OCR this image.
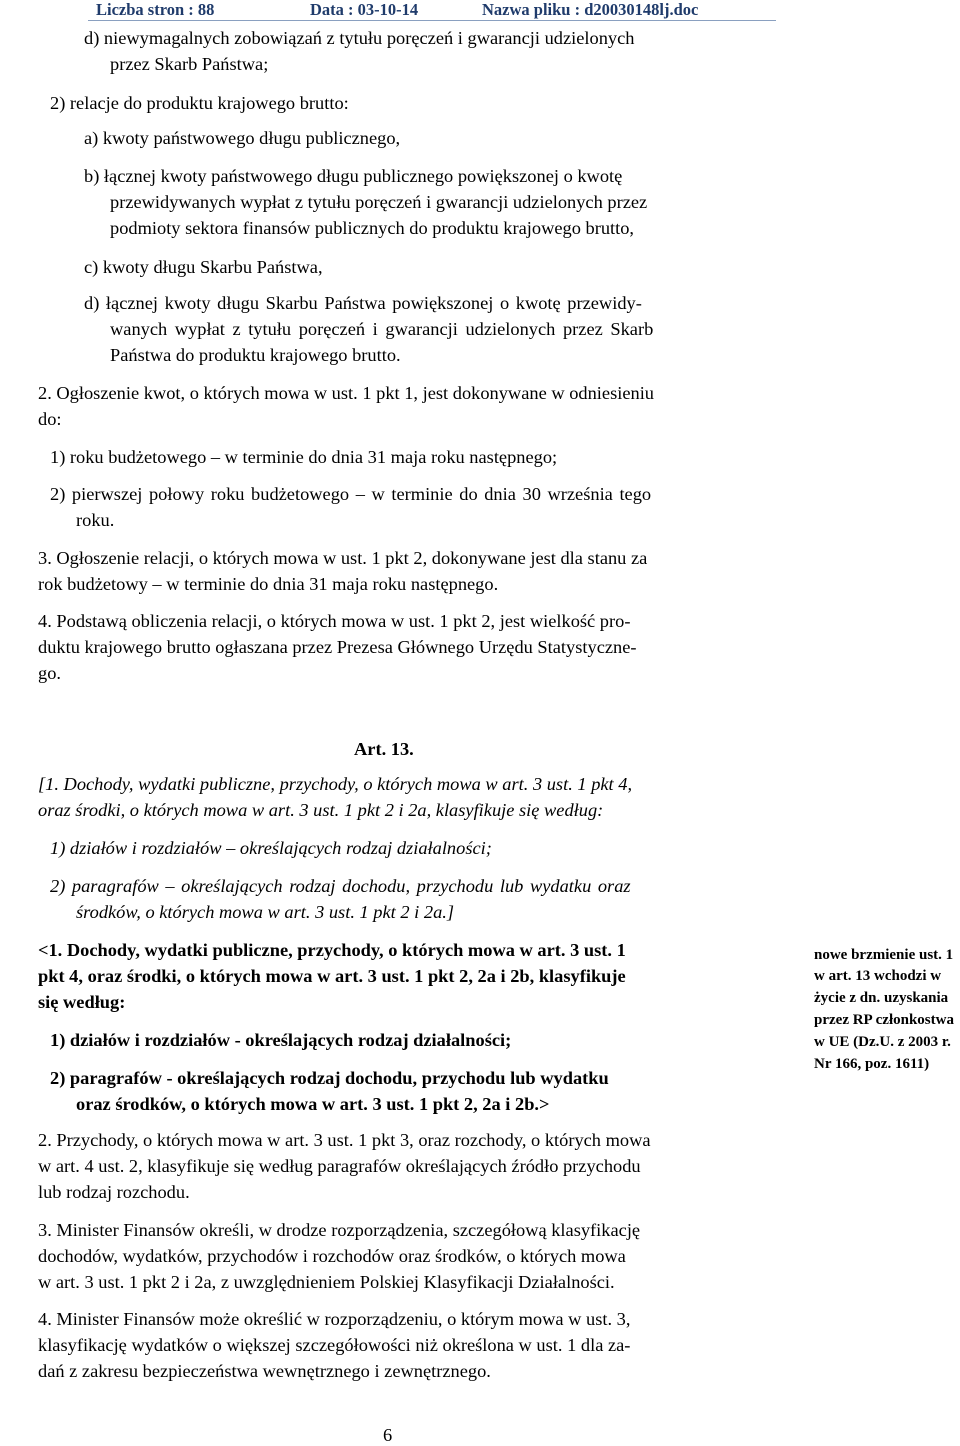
Liczba stron : 88	Data : 03-10-14	Nazwa pliku : d20030148lj.doc
d) niewymagalnych zobowiązań z tytułu poręczeń i gwarancji udzielonych
przez Skarb Państwa;
2) relacje do produktu krajowego brutto:
a) kwoty państwowego długu publicznego,
b) łącznej kwoty państwowego długu publicznego powiększonej o kwotę
przewidywanych wypłat z tytułu poręczeń i gwarancji udzielonych przez
podmioty sektora finansów publicznych do produktu krajowego brutto,
c) kwoty długu Skarbu Państwa,
d) łącznej kwoty długu Skarbu Państwa powiększonej o kwotę przewidy-
wanych wypłat z tytułu poręczeń i gwarancji udzielonych przez Skarb
Państwa do produktu krajowego brutto.
2. Ogłoszenie kwot, o których mowa w ust. 1 pkt 1, jest dokonywane w odniesieniu
do:
1) roku budżetowego – w terminie do dnia 31 maja roku następnego;
2) pierwszej połowy roku budżetowego – w terminie do dnia 30 września tego
roku.
3. Ogłoszenie relacji, o których mowa w ust. 1 pkt 2, dokonywane jest dla stanu za
rok budżetowy – w terminie do dnia 31 maja roku następnego.
4. Podstawą obliczenia relacji, o których mowa w ust. 1 pkt 2, jest wielkość pro-
duktu krajowego brutto ogłaszana przez Prezesa Głównego Urzędu Statystyczne-
go.
Art. 13.
[1. Dochody, wydatki publiczne, przychody, o których mowa w art. 3 ust. 1 pkt 4,
oraz środki, o których mowa w art. 3 ust. 1 pkt 2 i 2a, klasyfikuje się według:
1) działów i rozdziałów – określających rodzaj działalności;
2) paragrafów – określających rodzaj dochodu, przychodu lub wydatku oraz
środków, o których mowa w art. 3 ust. 1 pkt 2 i 2a.]
<1. Dochody, wydatki publiczne, przychody, o których mowa w art. 3 ust. 1
pkt 4, oraz środki, o których mowa w art. 3 ust. 1 pkt 2, 2a i 2b, klasyfikuje
się według:
1) działów i rozdziałów - określających rodzaj działalności;
2) paragrafów - określających rodzaj dochodu, przychodu lub wydatku
oraz środków, o których mowa w art. 3 ust. 1 pkt 2, 2a i 2b.>
nowe brzmienie ust. 1
w art. 13 wchodzi w
życie z dn. uzyskania
przez RP członkostwa
w UE (Dz.U. z 2003 r.
Nr 166, poz. 1611)
2. Przychody, o których mowa w art. 3 ust. 1 pkt 3, oraz rozchody, o których mowa
w art. 4 ust. 2, klasyfikuje się według paragrafów określających źródło przychodu
lub rodzaj rozchodu.
3. Minister Finansów określi, w drodze rozporządzenia, szczegółową klasyfikację
dochodów, wydatków, przychodów i rozchodów oraz środków, o których mowa
w art. 3 ust. 1 pkt 2 i 2a, z uwzględnieniem Polskiej Klasyfikacji Działalności.
4. Minister Finansów może określić w rozporządzeniu, o którym mowa w ust. 3,
klasyfikację wydatków o większej szczegółowości niż określona w ust. 1 dla za-
dań z zakresu bezpieczeństwa wewnętrznego i zewnętrznego.
6
